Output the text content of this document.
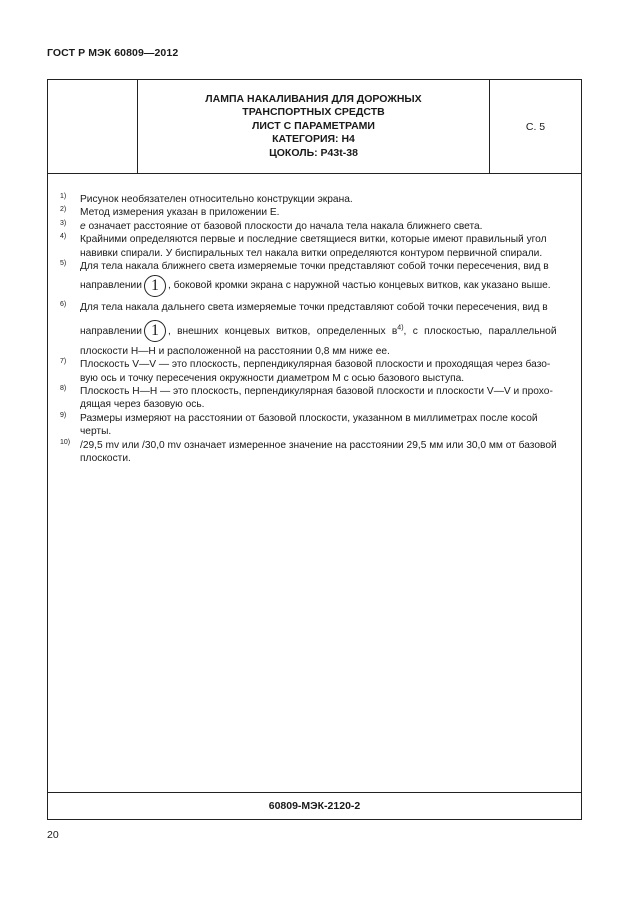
ГОСТ Р МЭК 60809—2012
ЛАМПА НАКАЛИВАНИЯ ДЛЯ ДОРОЖНЫХ
ТРАНСПОРТНЫХ СРЕДСТВ
ЛИСТ С ПАРАМЕТРАМИ
КАТЕГОРИЯ: Н4
ЦОКОЛЬ: P43t-38
С. 5
1) Рисунок необязателен относительно конструкции экрана.
2) Метод измерения указан в приложении Е.
3) e означает расстояние от базовой плоскости до начала тела накала ближнего света.
4) Крайними определяются первые и последние светящиеся витки, которые имеют правильный угол
навивки спирали. У биспиральных тел накала витки определяются контуром первичной спирали.
5) Для тела накала ближнего света измеряемые точки представляют собой точки пересечения, вид в
направлении 1 , боковой кромки экрана с наружной частью концевых витков, как указано выше.
6) Для тела накала дальнего света измеряемые точки представляют собой точки пересечения, вид в
направлении 1 , внешних концевых витков, определенных $в^{4)}$, с плоскостью, параллельной
плоскости Н—Н и расположенной на расстоянии 0,8 мм ниже ее.
7) Плоскость V—V — это плоскость, перпендикулярная базовой плоскости и проходящая через базо-
вую ось и точку пересечения окружности диаметром М с осью базового выступа.
8) Плоскость Н—Н — это плоскость, перпендикулярная базовой плоскости и плоскости V—V и прохо-
дящая через базовую ось.
9) Размеры измеряют на расстоянии от базовой плоскости, указанном в миллиметрах после косой
черты.
10) /29,5 mv или /30,0 mv означает измеренное значение на расстоянии 29,5 мм или 30,0 мм от базовой
плоскости.
60809-МЭК-2120-2
20
